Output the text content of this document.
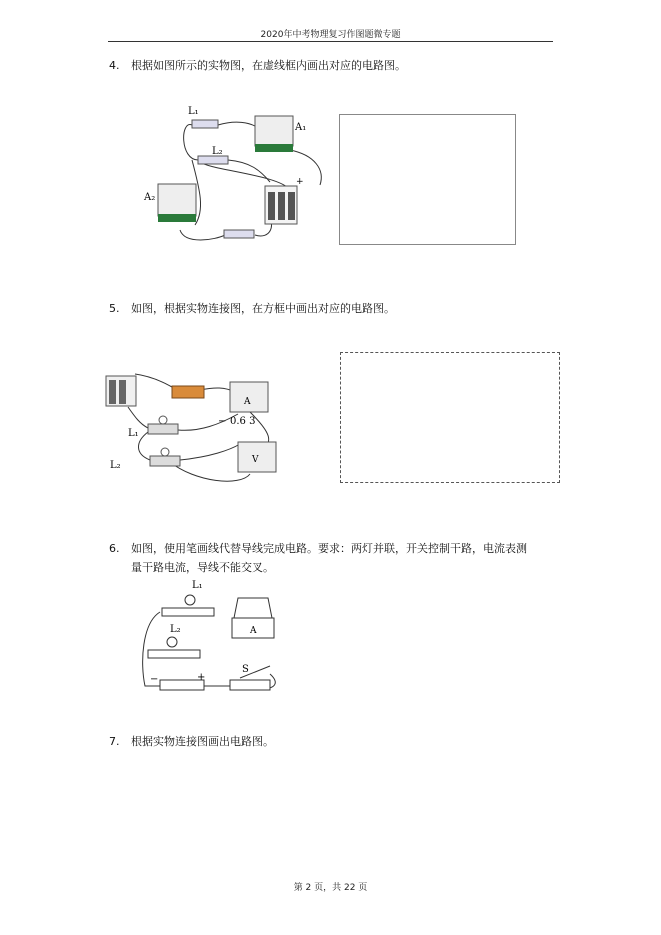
2020年中考物理复习作图题微专题
4. 根据如图所示的实物图，在虚线框内画出对应的电路图。
L₁
L₂
A₁
+
A₂
5. 如图，根据实物连接图，在方框中画出对应的电路图。
A
0.6 3
−
L₁
L₂	V
6. 如图，使用笔画线代替导线完成电路。要求：两灯并联，开关控制干路，电流表测
量干路电流，导线不能交叉。
L₁
L₂	A
−	+
S
7. 根据实物连接图画出电路图。
第 2 页，共 22 页
